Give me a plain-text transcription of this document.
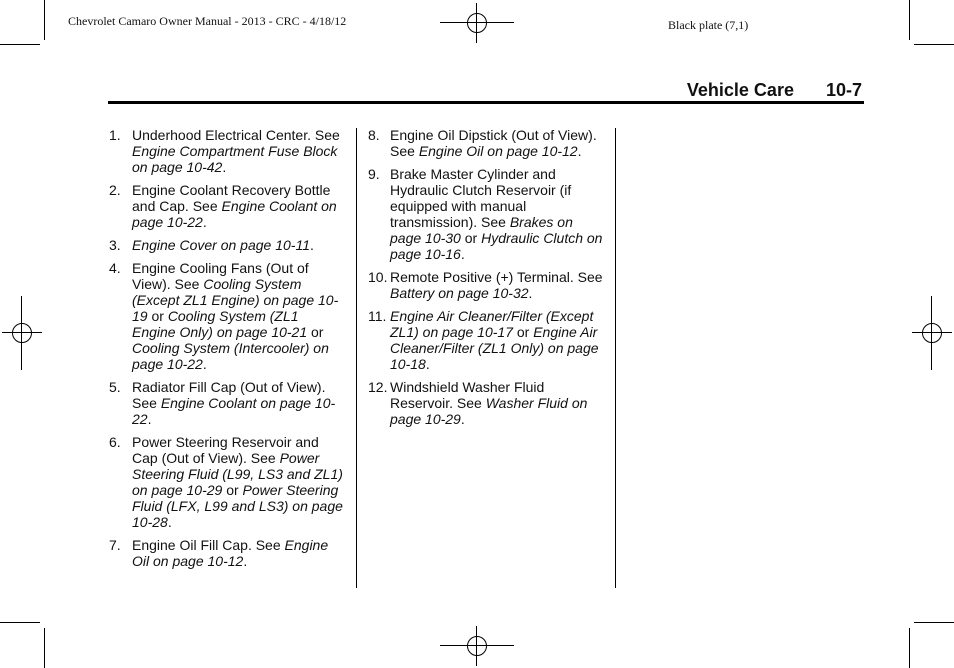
Chevrolet Camaro Owner Manual - 2013 - CRC - 4/18/12	Black plate (7,1)
Vehicle Care 10-7
1. Underhood Electrical Center. See Engine Compartment Fuse Block on page 10-42.
2. Engine Coolant Recovery Bottle and Cap. See Engine Coolant on page 10-22.
3. Engine Cover on page 10-11.
4. Engine Cooling Fans (Out of View). See Cooling System (Except ZL1 Engine) on page 10-19 or Cooling System (ZL1 Engine Only) on page 10-21 or Cooling System (Intercooler) on page 10-22.
5. Radiator Fill Cap (Out of View). See Engine Coolant on page 10-22.
6. Power Steering Reservoir and Cap (Out of View). See Power Steering Fluid (L99, LS3 and ZL1) on page 10-29 or Power Steering Fluid (LFX, L99 and LS3) on page 10-28.
7. Engine Oil Fill Cap. See Engine Oil on page 10-12.
8. Engine Oil Dipstick (Out of View). See Engine Oil on page 10-12.
9. Brake Master Cylinder and Hydraulic Clutch Reservoir (if equipped with manual transmission). See Brakes on page 10-30 or Hydraulic Clutch on page 10-16.
10. Remote Positive (+) Terminal. See Battery on page 10-32.
11. Engine Air Cleaner/Filter (Except ZL1) on page 10-17 or Engine Air Cleaner/Filter (ZL1 Only) on page 10-18.
12. Windshield Washer Fluid Reservoir. See Washer Fluid on page 10-29.
